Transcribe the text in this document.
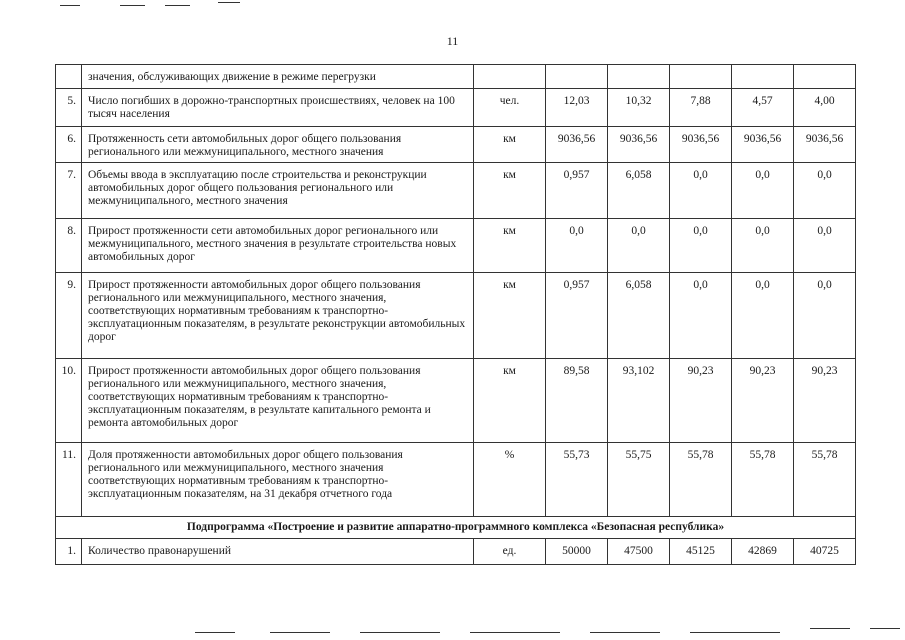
11
	значения, обслуживающих движение в режиме перегрузки						
5.	Число погибших в дорожно-транспортных происшествиях, человек на 100 тысяч населения	чел.	12,03	10,32	7,88	4,57	4,00
6.	Протяженность сети автомобильных дорог общего пользования регионального или межмуниципального, местного значения	км	9036,56	9036,56	9036,56	9036,56	9036,56
7.	Объемы ввода в эксплуатацию после строительства и реконструкции автомобильных дорог общего пользования регионального или межмуниципального, местного значения	км	0,957	6,058	0,0	0,0	0,0
8.	Прирост протяженности сети автомобильных дорог регионального или межмуниципального, местного значения в результате строительства новых автомобильных дорог	км	0,0	0,0	0,0	0,0	0,0
9.	Прирост протяженности автомобильных дорог общего пользования регионального или межмуниципального, местного значения, соответствующих нормативным требованиям к транспортно-эксплуатационным показателям, в результате реконструкции автомобильных дорог	км	0,957	6,058	0,0	0,0	0,0
10.	Прирост протяженности автомобильных дорог общего пользования регионального или межмуниципального, местного значения, соответствующих нормативным требованиям к транспортно-эксплуатационным показателям, в результате капитального ремонта и ремонта автомобильных дорог	км	89,58	93,102	90,23	90,23	90,23
11.	Доля протяженности автомобильных дорог общего пользования регионального или межмуниципального, местного значения соответствующих нормативным требованиям к транспортно-эксплуатационным показателям, на 31 декабря отчетного года	%	55,73	55,75	55,78	55,78	55,78
Подпрограмма «Построение и развитие аппаратно-программного комплекса «Безопасная республика»							
1.	Количество правонарушений	ед.	50000	47500	45125	42869	40725
